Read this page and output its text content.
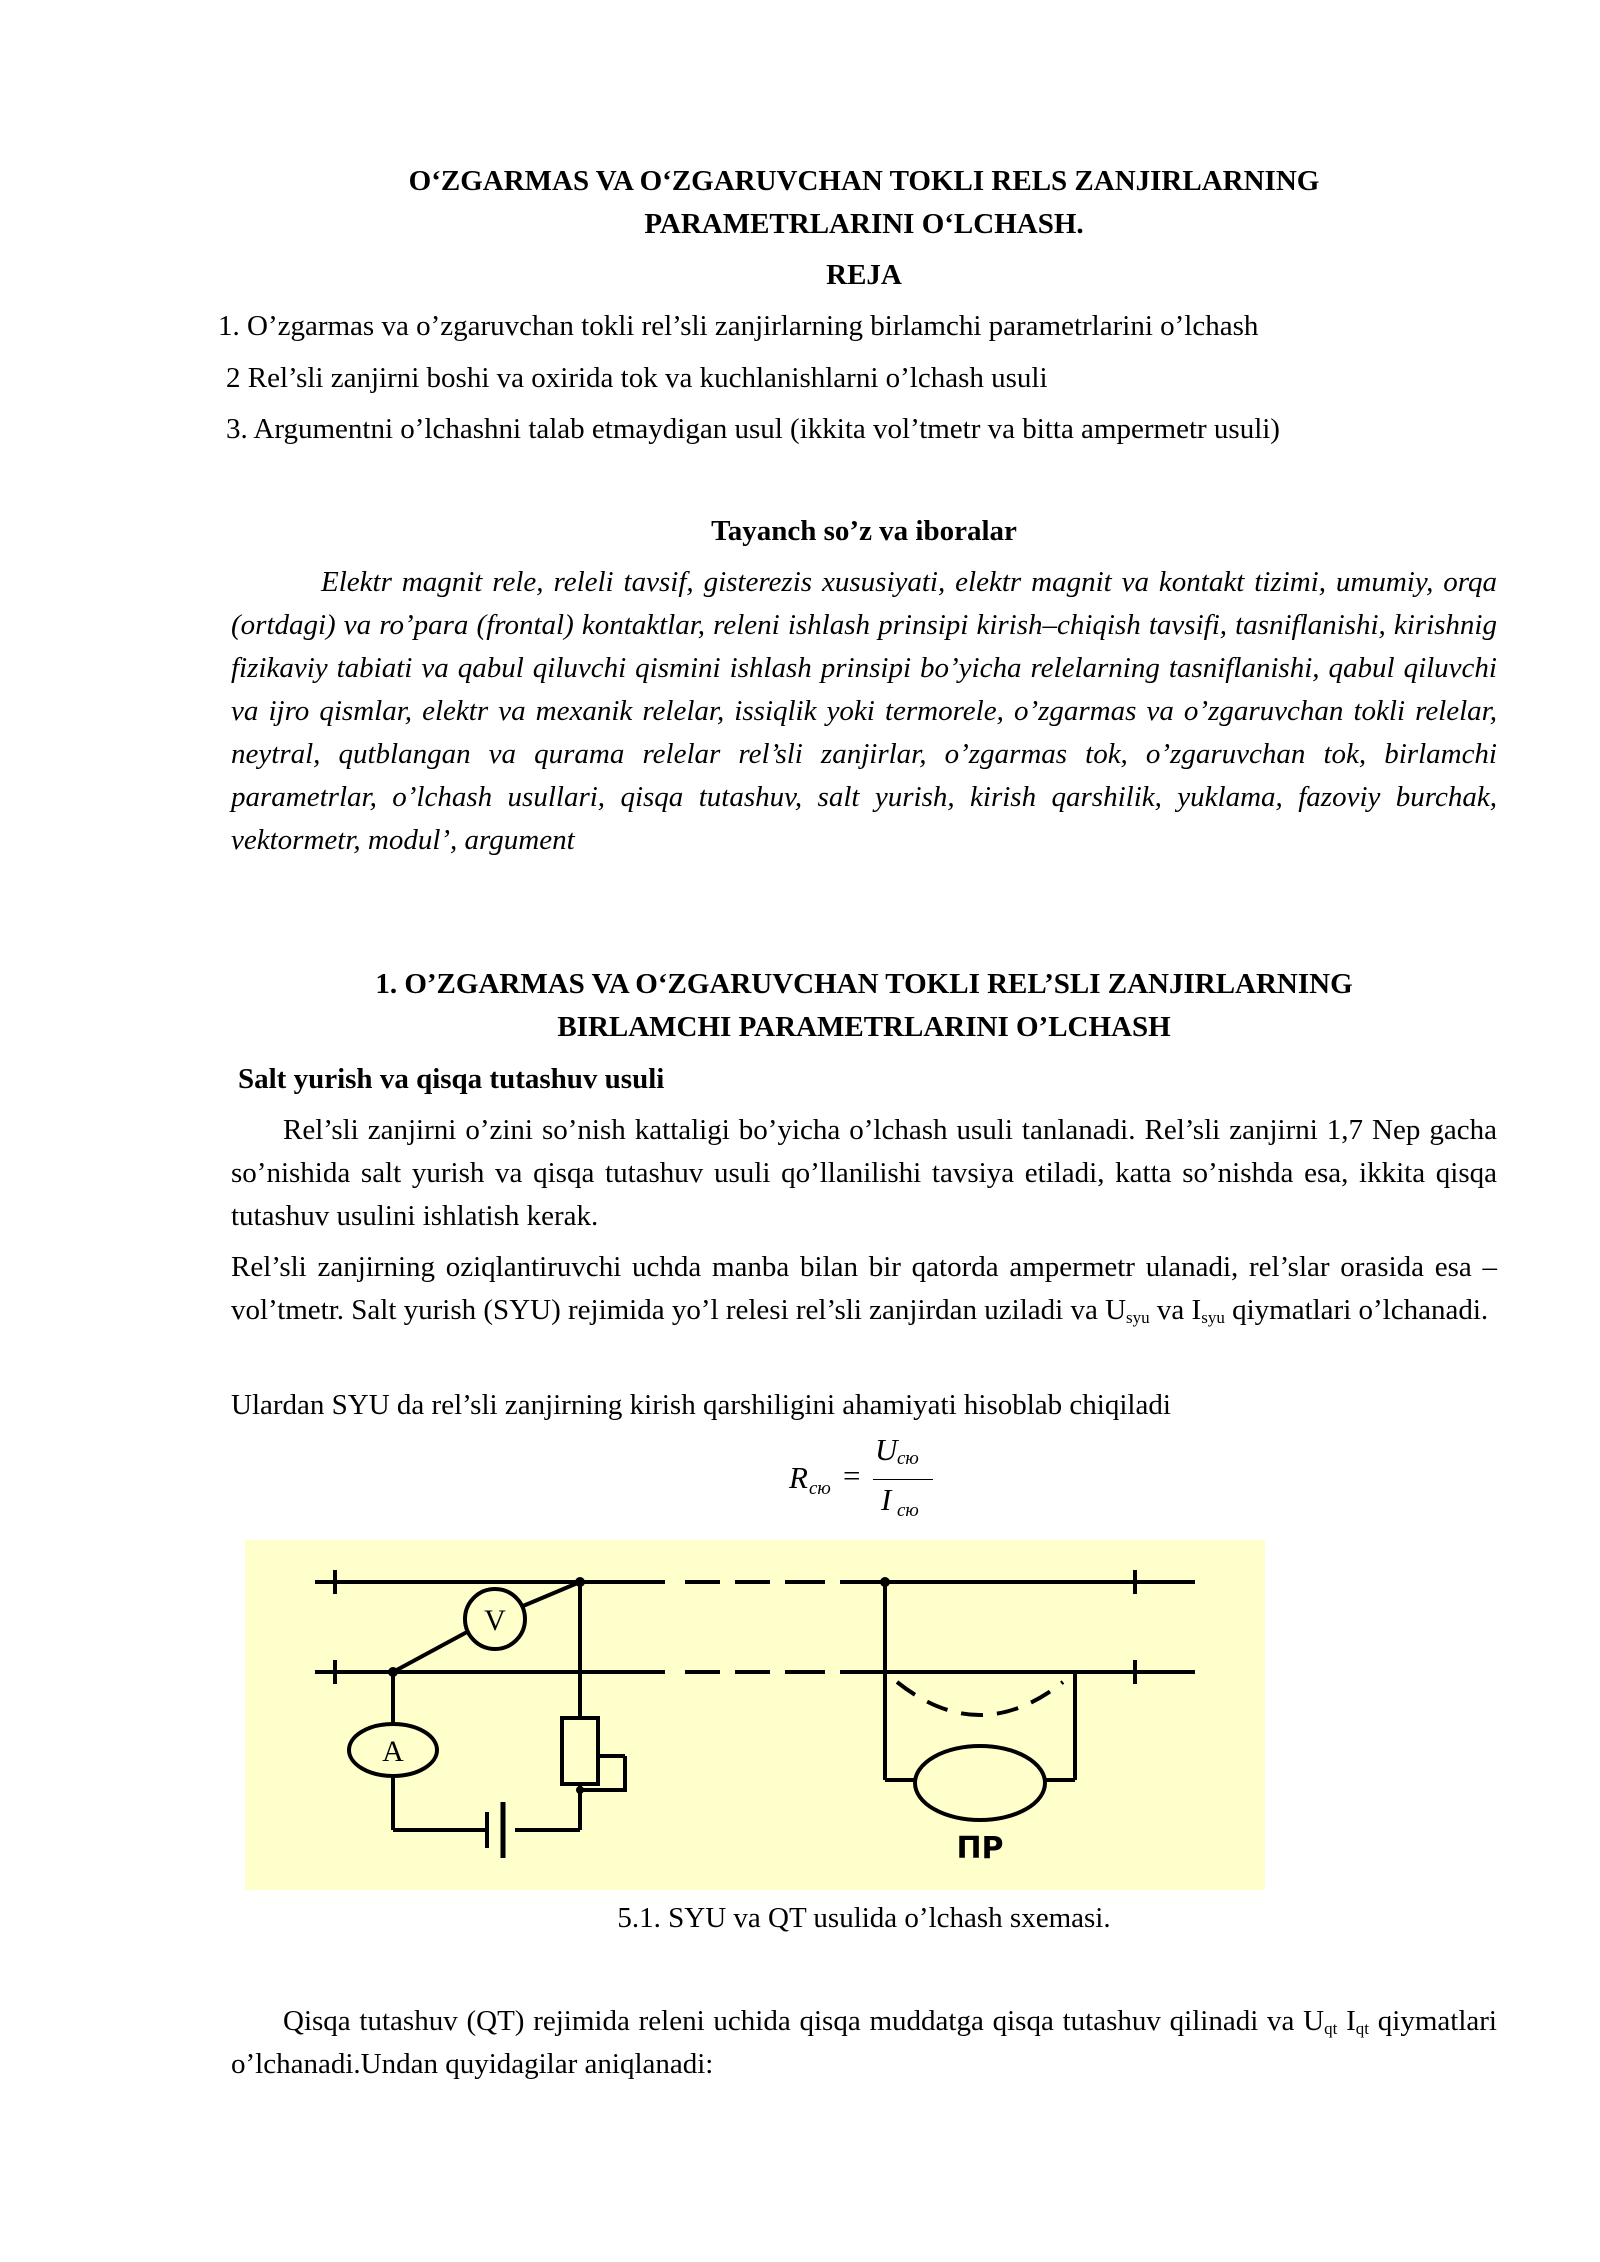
O‘ZGARMAS VA O‘ZGARUVCHAN TOKLI RELS ZANJIRLARNING
PARAMETRLARINI O‘LCHASH.
REJA
1. O’zgarmas va o’zgaruvchan tokli rel’sli zanjirlarning birlamchi parametrlarini o’lchash
2 Rel’sli zanjirni boshi va oxirida tok va kuchlanishlarni o’lchash usuli
3. Argumentni o’lchashni talab etmaydigan usul (ikkita vol’tmetr va bitta ampermetr usuli)
Tayanch so’z va iboralar
Elektr magnit rele, releli tavsif, gisterezis xususiyati, elektr magnit va kontakt tizimi, umumiy, orqa (ortdagi) va ro’para (frontal) kontaktlar, releni ishlash prinsipi kirish–chiqish tavsifi, tasniflanishi, kirishnig fizikaviy tabiati va qabul qiluvchi qismini ishlash prinsipi bo’yicha relelarning tasniflanishi, qabul qiluvchi va ijro qismlar, elektr va mexanik relelar, issiqlik yoki termorele, o’zgarmas va o’zgaruvchan tokli relelar, neytral, qutblangan va qurama relelar rel’sli zanjirlar, o’zgarmas tok, o’zgaruvchan tok, birlamchi parametrlar, o’lchash usullari, qisqa tutashuv, salt yurish, kirish qarshilik, yuklama, fazoviy burchak, vektormetr, modul’, argument
1. O’ZGARMAS VA O‘ZGARUVCHAN TOKLI REL’SLI ZANJIRLARNING
BIRLAMCHI PARAMETRLARINI O’LCHASH
Salt yurish va qisqa tutashuv usuli
Rel’sli zanjirni o’zini so’nish kattaligi bo’yicha o’lchash usuli tanlanadi. Rel’sli zanjirni 1,7 Nep gacha so’nishida salt yurish va qisqa tutashuv usuli qo’llanilishi tavsiya etiladi, katta so’nishda esa, ikkita qisqa tutashuv usulini ishlatish kerak.
Rel’sli zanjirning oziqlantiruvchi uchda manba bilan bir qatorda ampermetr ulanadi, rel’slar orasida esa – vol’tmetr. Salt yurish (SYU) rejimida yo’l relesi rel’sli zanjirdan uziladi va $U_{syu}$ va $I_{syu}$ qiymatlari o’lchanadi.
Ulardan SYU da rel’sli zanjirning kirish qarshiligini ahamiyati hisoblab chiqiladi
R сю =
U сю
I сю
V
A
ПР
5.1. SYU va QT usulida o’lchash sxemasi.
Qisqa tutashuv (QT) rejimida releni uchida qisqa muddatga qisqa tutashuv qilinadi va $U_{qt}$ $I_{qt}$ qiymatlari o’lchanadi.Undan quyidagilar aniqlanadi:
